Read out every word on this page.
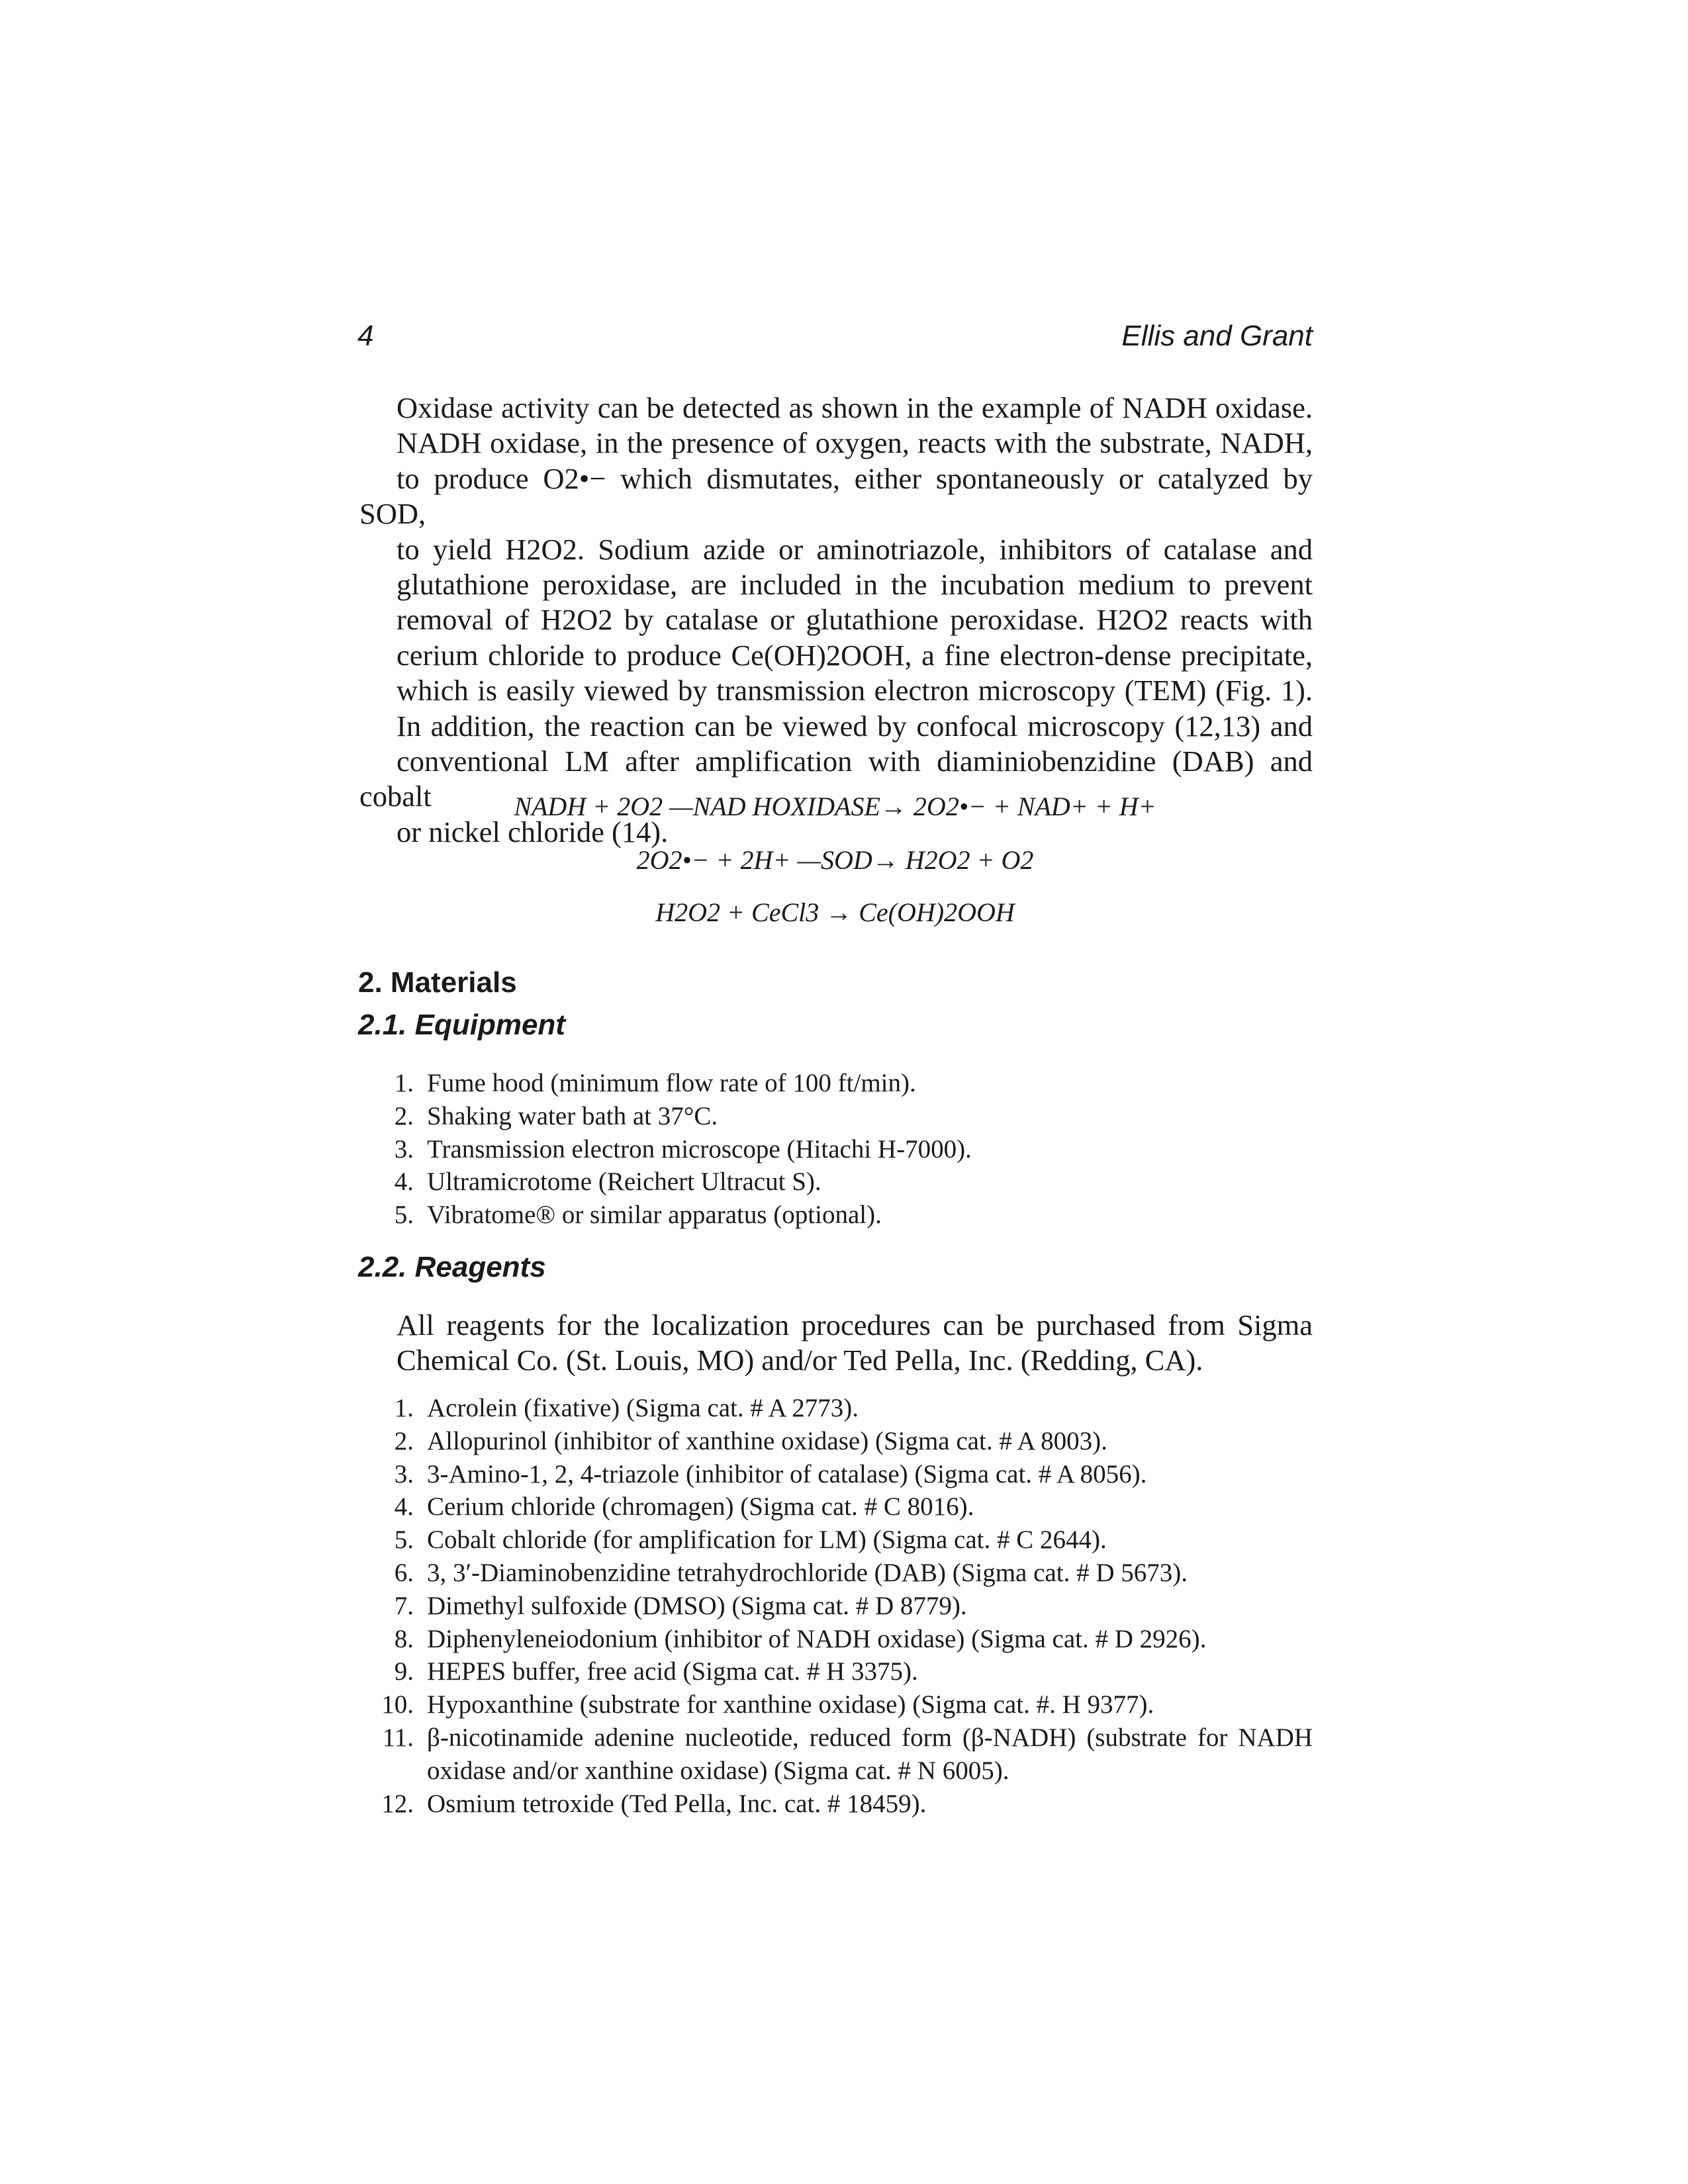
4	Ellis and Grant

Oxidase activity can be detected as shown in the example of NADH oxidase.
NADH oxidase, in the presence of oxygen, reacts with the substrate, NADH,
to produce O2•− which dismutates, either spontaneously or catalyzed by SOD,
to yield H2O2. Sodium azide or aminotriazole, inhibitors of catalase and
glutathione peroxidase, are included in the incubation medium to prevent
removal of H2O2 by catalase or glutathione peroxidase. H2O2 reacts with
cerium chloride to produce Ce(OH)2OOH, a fine electron-dense precipitate,
which is easily viewed by transmission electron microscopy (TEM) (Fig. 1).
In addition, the reaction can be viewed by confocal microscopy (12,13) and
conventional LM after amplification with diaminiobenzidine (DAB) and cobalt
or nickel chloride (14).

NADH + 2O2 —NAD HOXIDASE→ 2O2•− + NAD+ + H+
2O2•− + 2H+ —SOD→ H2O2 + O2
H2O2 + CeCl3 → Ce(OH)2OOH
2. Materials
2.1. Equipment
1. Fume hood (minimum flow rate of 100 ft/min).
2. Shaking water bath at 37°C.
3. Transmission electron microscope (Hitachi H-7000).
4. Ultramicrotome (Reichert Ultracut S).
5. Vibratome® or similar apparatus (optional).
2.2. Reagents

All reagents for the localization procedures can be purchased from Sigma
Chemical Co. (St. Louis, MO) and/or Ted Pella, Inc. (Redding, CA).

1. Acrolein (fixative) (Sigma cat. # A 2773).
2. Allopurinol (inhibitor of xanthine oxidase) (Sigma cat. # A 8003).
3. 3-Amino-1, 2, 4-triazole (inhibitor of catalase) (Sigma cat. # A 8056).
4. Cerium chloride (chromagen) (Sigma cat. # C 8016).
5. Cobalt chloride (for amplification for LM) (Sigma cat. # C 2644).
6. 3, 3′-Diaminobenzidine tetrahydrochloride (DAB) (Sigma cat. # D 5673).
7. Dimethyl sulfoxide (DMSO) (Sigma cat. # D 8779).
8. Diphenyleneiodonium (inhibitor of NADH oxidase) (Sigma cat. # D 2926).
9. HEPES buffer, free acid (Sigma cat. # H 3375).
10. Hypoxanthine (substrate for xanthine oxidase) (Sigma cat. #. H 9377).
11. β-nicotinamide adenine nucleotide, reduced form (β-NADH) (substrate for NADH oxidase and/or xanthine oxidase) (Sigma cat. # N 6005).
12. Osmium tetroxide (Ted Pella, Inc. cat. # 18459).
